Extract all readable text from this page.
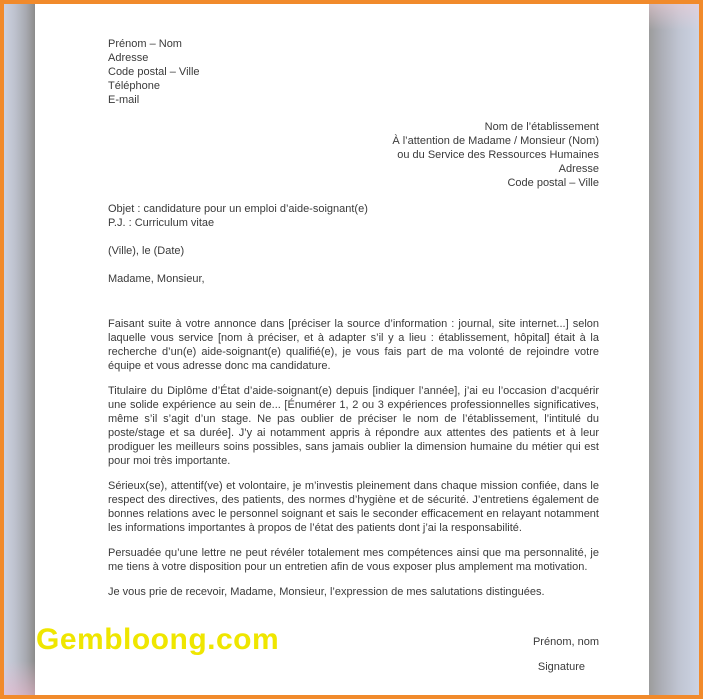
Prénom – Nom
Adresse
Code postal – Ville
Téléphone
E-mail
Nom de l’établissement
À l’attention de Madame / Monsieur (Nom)
ou du Service des Ressources Humaines
Adresse
Code postal – Ville
Objet : candidature pour un emploi d’aide-soignant(e)
P.J. : Curriculum vitae
(Ville), le (Date)
Madame, Monsieur,

Faisant suite à votre annonce dans [préciser la source d’information : journal, site internet...] selon laquelle vous service [nom à préciser, et à adapter s’il y a lieu : établissement, hôpital] était à la recherche d’un(e) aide-soignant(e) qualifié(e), je vous fais part de ma volonté de rejoindre votre équipe et vous adresse donc ma candidature.

Titulaire du Diplôme d’État d’aide-soignant(e) depuis [indiquer l’année], j’ai eu l’occasion d’acquérir une solide expérience au sein de... [Énumérer 1, 2 ou 3 expériences professionnelles significatives, même s’il s’agit d’un stage. Ne pas oublier de préciser le nom de l’établissement, l’intitulé du poste/stage et sa durée]. J’y ai notamment appris à répondre aux attentes des patients et à leur prodiguer les meilleurs soins possibles, sans jamais oublier la dimension humaine du métier qui est pour moi très importante.

Sérieux(se), attentif(ve) et volontaire, je m’investis pleinement dans chaque mission confiée, dans le respect des directives, des patients, des normes d’hygiène et de sécurité. J’entretiens également de bonnes relations avec le personnel soignant et sais le seconder efficacement en relayant notamment les informations importantes à propos de l’état des patients dont j’ai la responsabilité.

Persuadée qu’une lettre ne peut révéler totalement mes compétences ainsi que ma personnalité, je me tiens à votre disposition pour un entretien afin de vous exposer plus amplement ma motivation.

Je vous prie de recevoir, Madame, Monsieur, l’expression de mes salutations distinguées.

Prénom, nom
Signature
Gembloong.com
